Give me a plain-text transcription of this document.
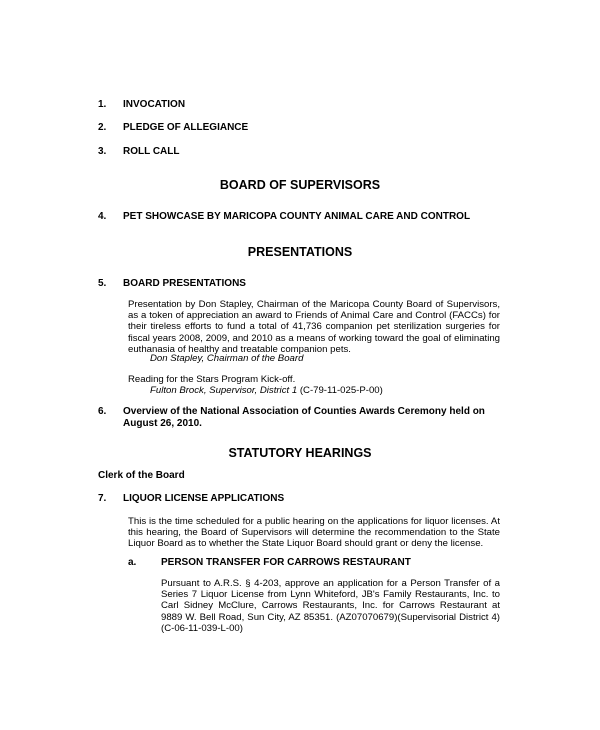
1. INVOCATION
2. PLEDGE OF ALLEGIANCE
3. ROLL CALL
BOARD OF SUPERVISORS
4. PET SHOWCASE BY MARICOPA COUNTY ANIMAL CARE AND CONTROL
PRESENTATIONS
5. BOARD PRESENTATIONS
Presentation by Don Stapley, Chairman of the Maricopa County Board of Supervisors, as a token of appreciation an award to Friends of Animal Care and Control (FACCs) for their tireless efforts to fund a total of 41,736 companion pet sterilization surgeries for fiscal years 2008, 2009, and 2010 as a means of working toward the goal of eliminating euthanasia of healthy and treatable companion pets.
Don Stapley, Chairman of the Board
Reading for the Stars Program Kick-off.
Fulton Brock, Supervisor, District 1 (C-79-11-025-P-00)
6. Overview of the National Association of Counties Awards Ceremony held on August 26, 2010.
STATUTORY HEARINGS
Clerk of the Board
7. LIQUOR LICENSE APPLICATIONS
This is the time scheduled for a public hearing on the applications for liquor licenses. At this hearing, the Board of Supervisors will determine the recommendation to the State Liquor Board as to whether the State Liquor Board should grant or deny the license.
a. PERSON TRANSFER FOR CARROWS RESTAURANT
Pursuant to A.R.S. § 4-203, approve an application for a Person Transfer of a Series 7 Liquor License from Lynn Whiteford, JB's Family Restaurants, Inc. to Carl Sidney McClure, Carrows Restaurants, Inc. for Carrows Restaurant at 9889 W. Bell Road, Sun City, AZ 85351. (AZ07070679)(Supervisorial District 4) (C-06-11-039-L-00)
